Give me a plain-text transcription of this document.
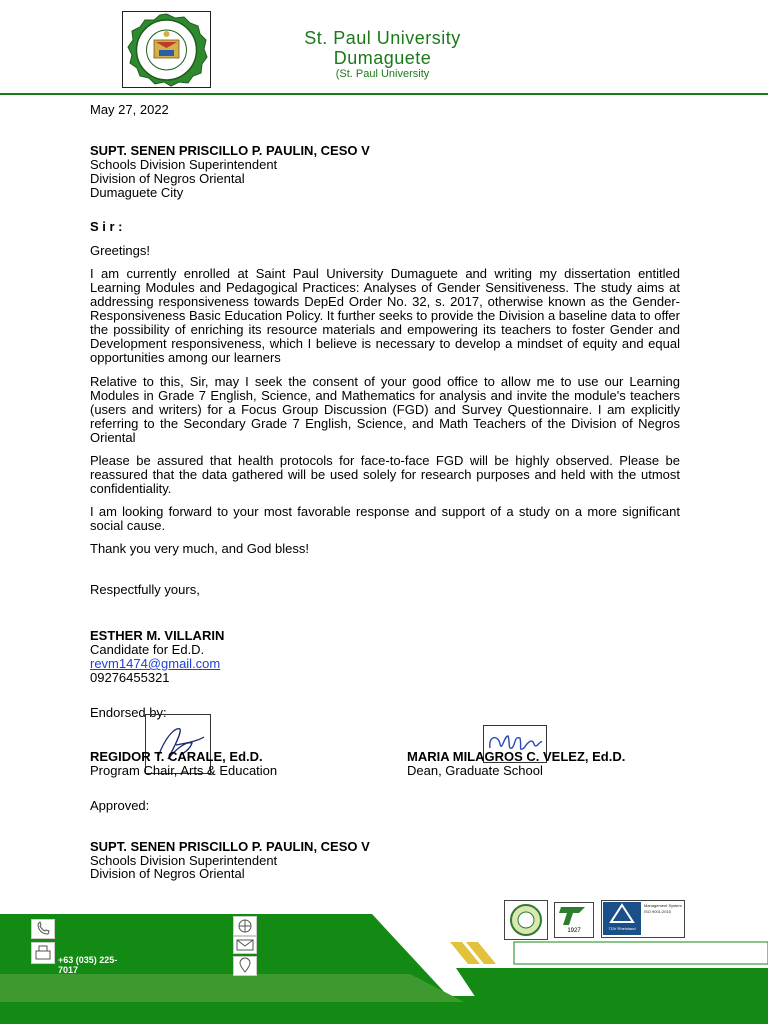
St. Paul University Dumaguete
(St. Paul University
May 27, 2022
SUPT. SENEN PRISCILLO P. PAULIN, CESO V
Schools Division Superintendent
Division of Negros Oriental
Dumaguete City
S i r :
Greetings!
I am currently enrolled at Saint Paul University Dumaguete and writing my dissertation entitled Learning Modules and Pedagogical Practices: Analyses of Gender Sensitiveness. The study aims at addressing responsiveness towards DepEd Order No. 32, s. 2017, otherwise known as the Gender-Responsiveness Basic Education Policy. It further seeks to provide the Division a baseline data to offer the possibility of enriching its resource materials and empowering its teachers to foster Gender and Development responsiveness, which I believe is necessary to develop a mindset of equity and equal opportunities among our learners
Relative to this, Sir, may I seek the consent of your good office to allow me to use our Learning Modules in Grade 7 English, Science, and Mathematics for analysis and invite the module's teachers (users and writers) for a Focus Group Discussion (FGD) and Survey Questionnaire. I am explicitly referring to the Secondary Grade 7 English, Science, and Math Teachers of the Division of Negros Oriental
Please be assured that health protocols for face-to-face FGD will be highly observed. Please be reassured that the data gathered will be used solely for research purposes and held with the utmost confidentiality.
I am looking forward to your most favorable response and support of a study on a more significant social cause.
Thank you very much, and God bless!
Respectfully yours,
ESTHER M. VILLARIN
Candidate for Ed.D.
revm1474@gmail.com
09276455321
Endorsed by:
REGIDOR T. CARALE, Ed.D.
Program Chair, Arts & Education
MARIA MILAGROS C. VELEZ, Ed.D.
Dean, Graduate School
Approved:
SUPT. SENEN PRISCILLO P. PAULIN, CESO V
Schools Division Superintendent
Division of Negros Oriental
+63 (035) 225-
1927	TÜV Rheinland
Management System ISO 9001:2015
